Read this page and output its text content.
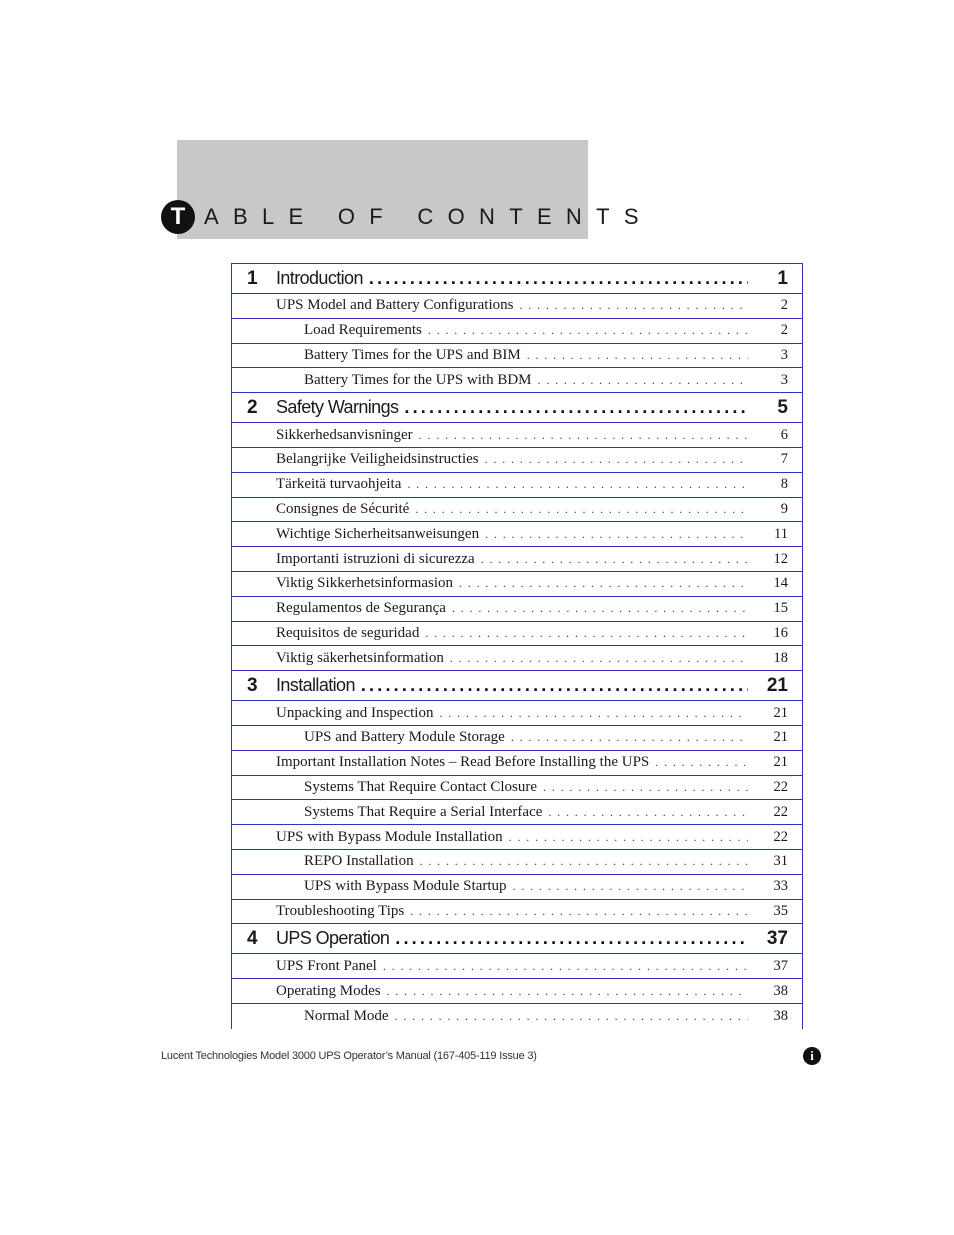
T ABLE OF CONTENTS
1	Introduction .....	1
UPS Model and Battery Configurations . . .	2
Load Requirements . . .	2
Battery Times for the UPS and BIM . . .	3
Battery Times for the UPS with BDM . . .	3
2	Safety Warnings .....	5
Sikkerhedsanvisninger . . .	6
Belangrijke Veiligheidsinstructies . . .	7
Tärkeitä turvaohjeita . . .	8
Consignes de Sécurité . . .	9
Wichtige Sicherheitsanweisungen . . .	11
Importanti istruzioni di sicurezza . . .	12
Viktig Sikkerhetsinformasion . . .	14
Regulamentos de Segurança . . .	15
Requisitos de seguridad . . .	16
Viktig säkerhetsinformation . . .	18
3	Installation .....	21
Unpacking and Inspection . . .	21
UPS and Battery Module Storage . . .	21
Important Installation Notes – Read Before Installing the UPS . . .	21
Systems That Require Contact Closure . . .	22
Systems That Require a Serial Interface . . .	22
UPS with Bypass Module Installation . . .	22
REPO Installation . . .	31
UPS with Bypass Module Startup . . .	33
Troubleshooting Tips . . .	35
4	UPS Operation .....	37
UPS Front Panel . . .	37
Operating Modes . . .	38
Normal Mode . . .	38
Lucent Technologies Model 3000 UPS Operator’s Manual (167-405-119 Issue 3)	i
